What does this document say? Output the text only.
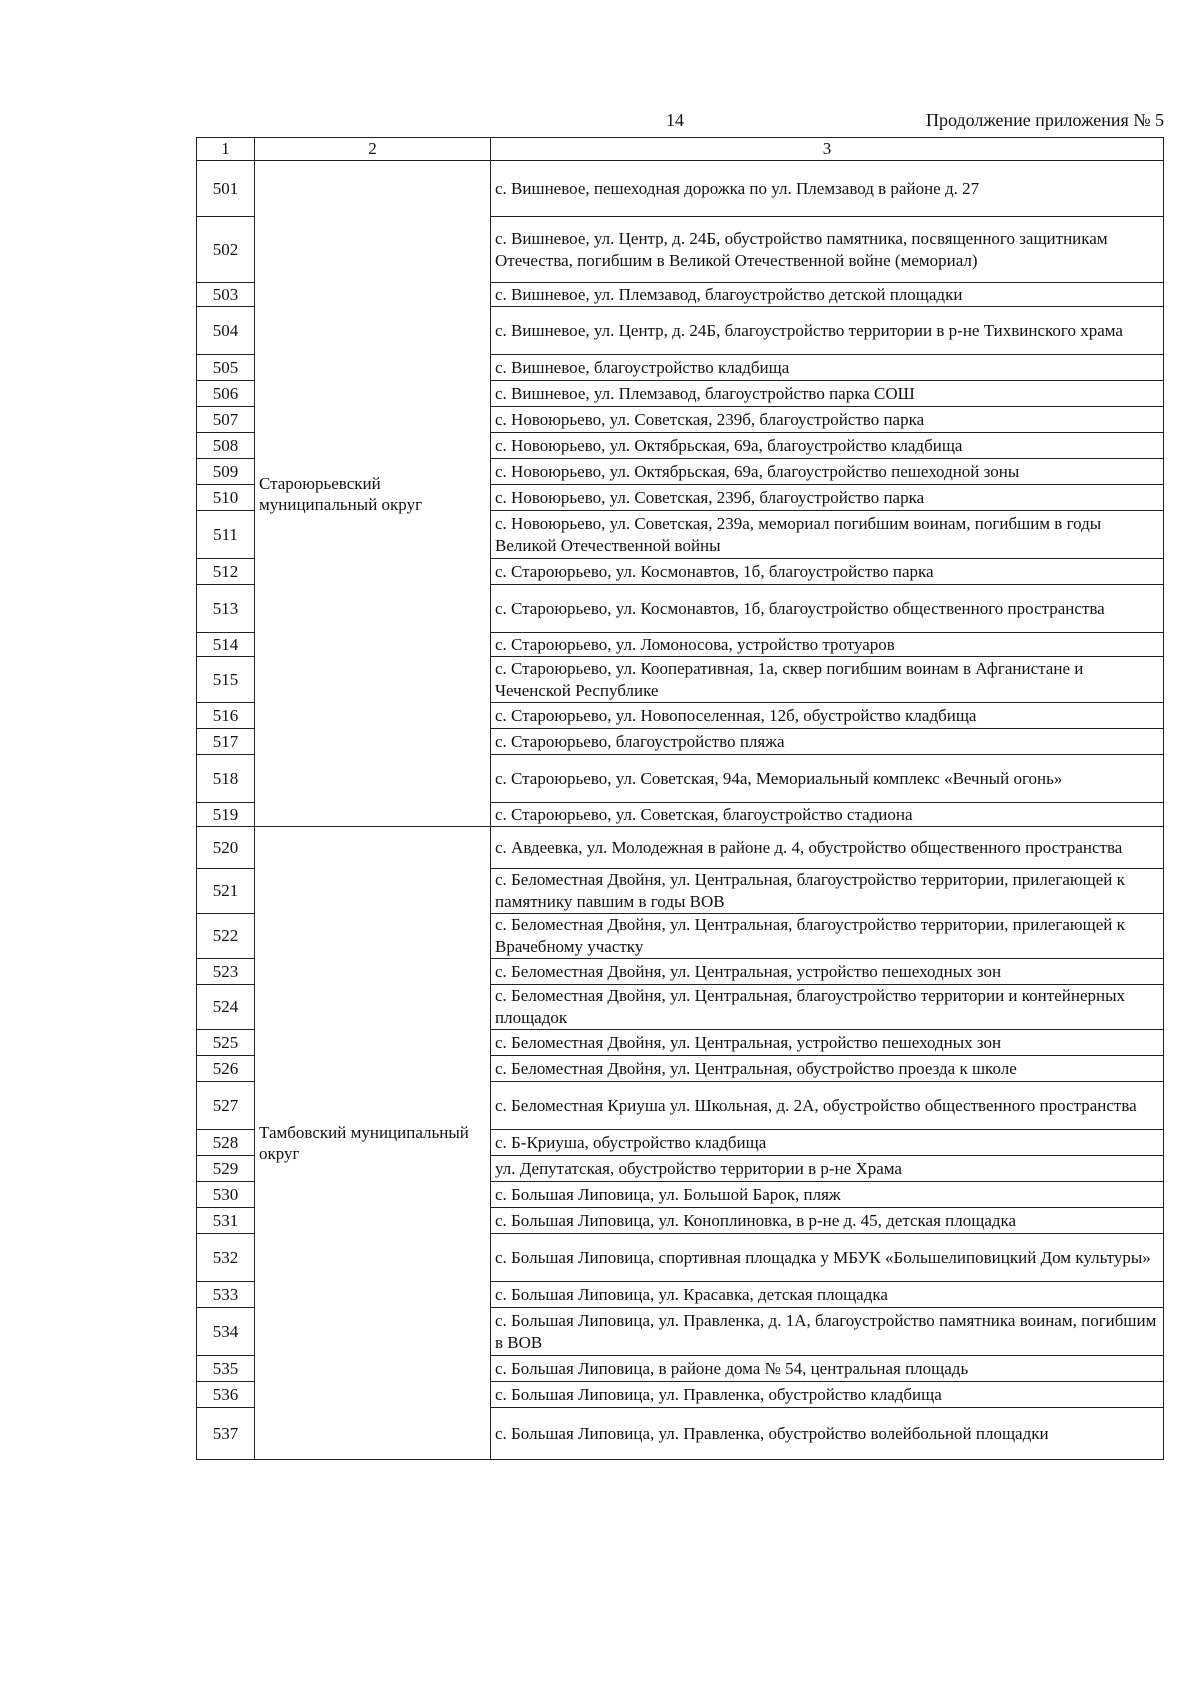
14	Продолжение приложения № 5
1	2	3
501	Староюрьевский муниципальный округ	с. Вишневое, пешеходная дорожка по ул. Племзавод в районе д. 27
502		с. Вишневое, ул. Центр, д. 24Б, обустройство памятника, посвященного защитникам Отечества, погибшим в Великой Отечественной войне (мемориал)
503		с. Вишневое, ул. Племзавод, благоустройство детской площадки
504		с. Вишневое, ул. Центр, д. 24Б, благоустройство территории в р-не Тихвинского храма
505		с. Вишневое, благоустройство кладбища
506		с. Вишневое, ул. Племзавод, благоустройство парка СОШ
507		с. Новоюрьево, ул. Советская, 239б, благоустройство парка
508		с. Новоюрьево, ул. Октябрьская, 69а, благоустройство кладбища
509		с. Новоюрьево, ул. Октябрьская, 69а, благоустройство пешеходной зоны
510		с. Новоюрьево, ул. Советская, 239б, благоустройство парка
511		с. Новоюрьево, ул. Советская, 239а, мемориал погибшим воинам, погибшим в годы Великой Отечественной войны
512		с. Староюрьево, ул. Космонавтов, 1б, благоустройство парка
513		с. Староюрьево, ул. Космонавтов, 1б, благоустройство общественного пространства
514		с. Староюрьево, ул. Ломоносова, устройство тротуаров
515		с. Староюрьево, ул. Кооперативная, 1а, сквер погибшим воинам в Афганистане и Чеченской Республике
516		с. Староюрьево, ул. Новопоселенная, 12б, обустройство кладбища
517		с. Староюрьево, благоустройство пляжа
518		с. Староюрьево, ул. Советская, 94а, Мемориальный комплекс «Вечный огонь»
519		с. Староюрьево, ул. Советская, благоустройство стадиона
520	Тамбовский муниципальный округ	с. Авдеевка, ул. Молодежная в районе д. 4, обустройство общественного пространства
521		с. Беломестная Двойня, ул. Центральная, благоустройство территории, прилегающей к памятнику павшим в годы ВОВ
522		с. Беломестная Двойня, ул. Центральная, благоустройство территории, прилегающей к Врачебному участку
523		с. Беломестная Двойня, ул. Центральная, устройство пешеходных зон
524		с. Беломестная Двойня, ул. Центральная, благоустройство территории и контейнерных площадок
525		с. Беломестная Двойня, ул. Центральная, устройство пешеходных зон
526		с. Беломестная Двойня, ул. Центральная, обустройство проезда к школе
527		с. Беломестная Криуша ул. Школьная, д. 2А, обустройство общественного пространства
528		с. Б-Криуша, обустройство кладбища
529		ул. Депутатская, обустройство территории в р-не Храма
530		с. Большая Липовица, ул. Большой Барок, пляж
531		с. Большая Липовица, ул. Коноплиновка, в р-не д. 45, детская площадка
532		с. Большая Липовица, спортивная площадка у МБУК «Большелиповицкий Дом культуры»
533		с. Большая Липовица, ул. Красавка, детская площадка
534		с. Большая Липовица, ул. Правленка, д. 1А, благоустройство памятника воинам, погибшим в ВОВ
535		с. Большая Липовица, в районе дома № 54, центральная площадь
536		с. Большая Липовица, ул. Правленка, обустройство кладбища
537		с. Большая Липовица, ул. Правленка, обустройство волейбольной площадки
